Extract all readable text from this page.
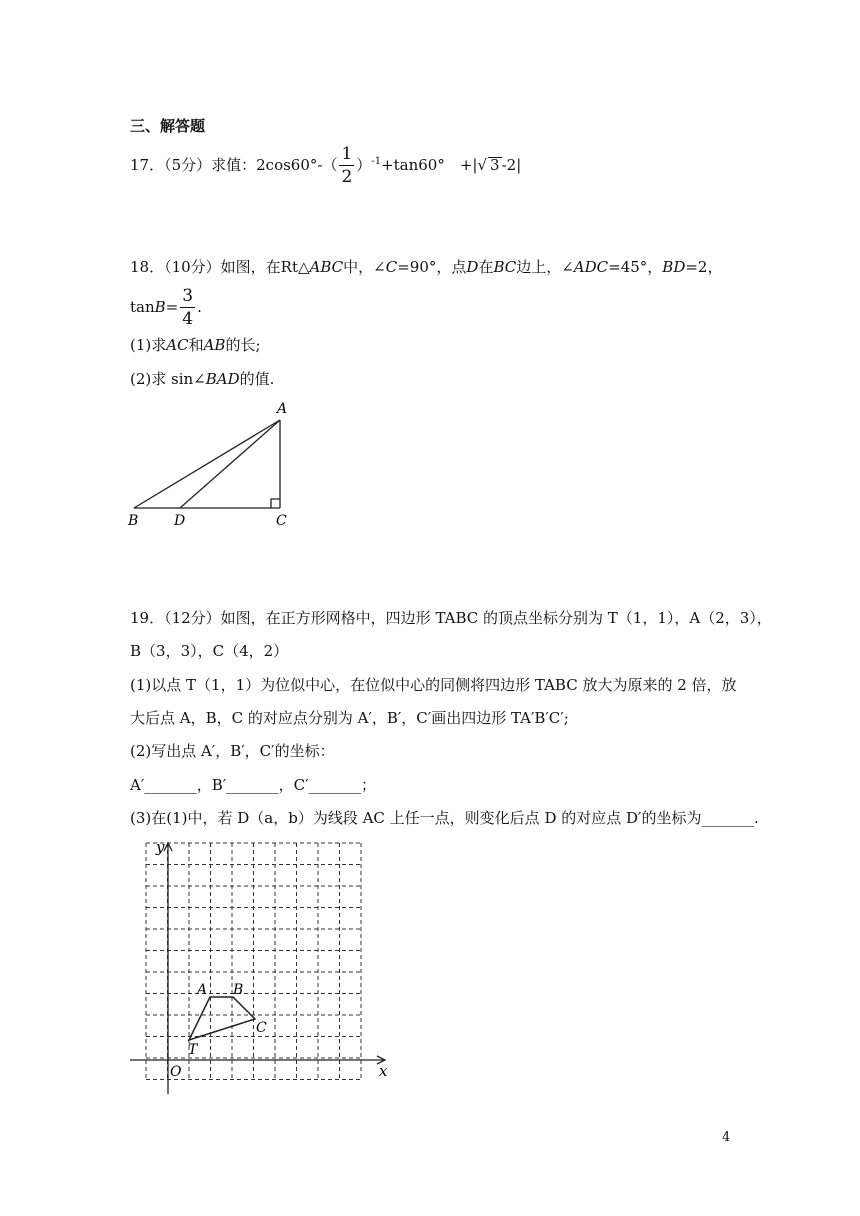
三、解答题
17．（5分）求值：$2\cos 60^\circ-( \frac{1}{2} )^{-1}+\tan 60^\circ$　+|√ 3 -2|
18．（10分）如图，在Rt△ABC中，∠C=90°，点D在BC边上，∠ADC=45°，BD=2，
$\tan B= \frac{3}{4}$ .
(1)求AC和AB的长;
(2)求 sin∠BAD的值.
A
B	D	C
19．（12分）如图，在正方形网格中，四边形 TABC 的顶点坐标分别为 T（1，1），A（2，3），
B（3，3），C（4，2）
(1)以点 T（1，1）为位似中心，在位似中心的同侧将四边形 TABC 放大为原来的 2 倍，放
大后点 A，B，C 的对应点分别为 A′，B′，C′画出四边形 TA′B′C′;
(2)写出点 A′，B′，C′的坐标：
A′_______，B′_______，C′_______；
(3)在(1)中，若 D（a，b）为线段 AC 上任一点，则变化后点 D 的对应点 D′的坐标为_______.
y
x
O
A B
C
T
4
